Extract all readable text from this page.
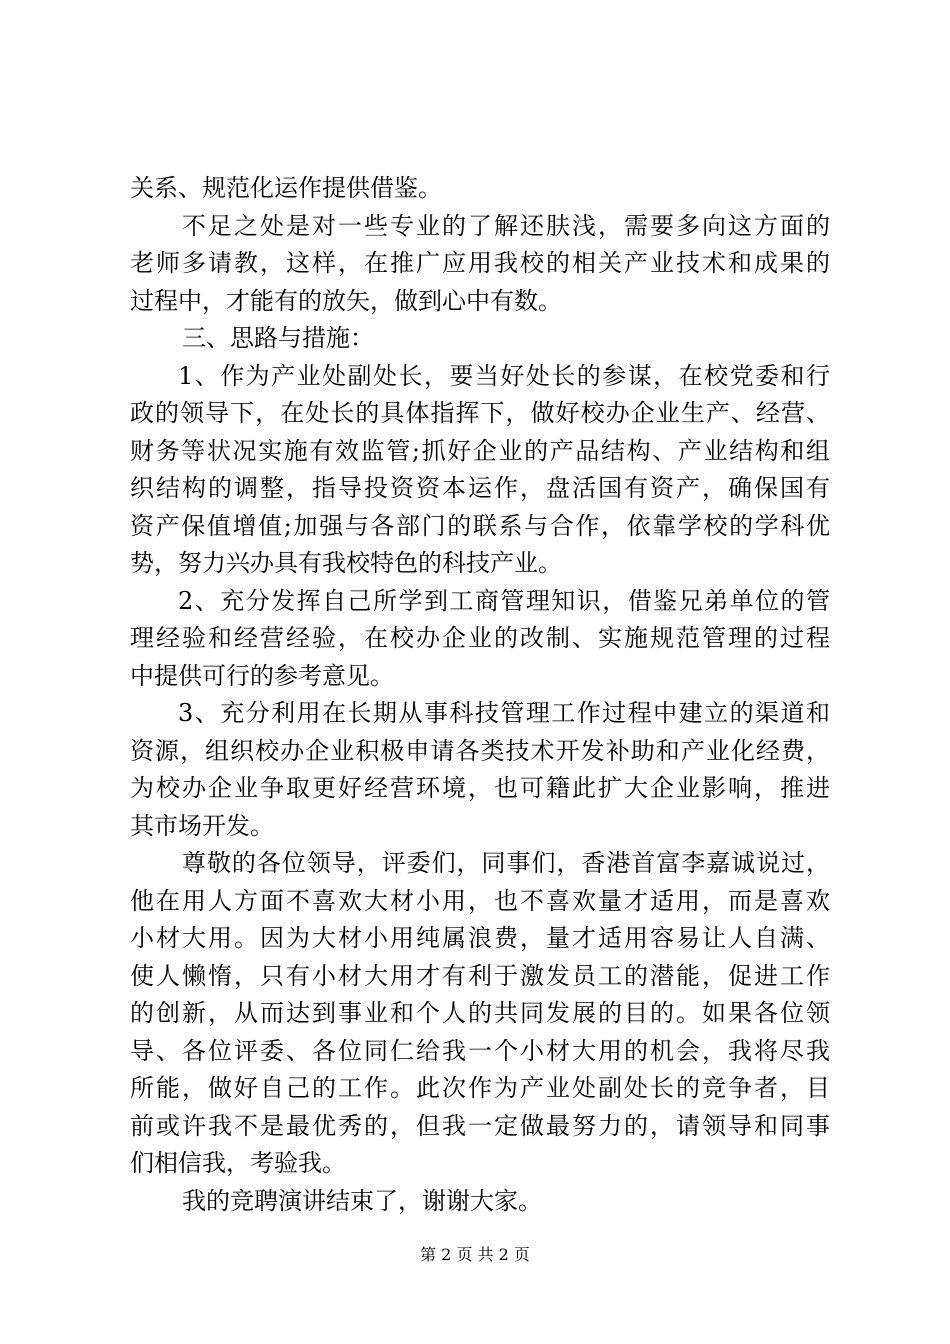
关系、规范化运作提供借鉴。
不足之处是对一些专业的了解还肤浅，需要多向这方面的
老师多请教，这样，在推广应用我校的相关产业技术和成果的
过程中，才能有的放矢，做到心中有数。
三、思路与措施：
1、作为产业处副处长，要当好处长的参谋，在校党委和行
政的领导下，在处长的具体指挥下，做好校办企业生产、经营、
财务等状况实施有效监管;抓好企业的产品结构、产业结构和组
织结构的调整，指导投资资本运作，盘活国有资产，确保国有
资产保值增值;加强与各部门的联系与合作，依靠学校的学科优
势，努力兴办具有我校特色的科技产业。
2、充分发挥自己所学到工商管理知识，借鉴兄弟单位的管
理经验和经营经验，在校办企业的改制、实施规范管理的过程
中提供可行的参考意见。
3、充分利用在长期从事科技管理工作过程中建立的渠道和
资源，组织校办企业积极申请各类技术开发补助和产业化经费，
为校办企业争取更好经营环境，也可籍此扩大企业影响，推进
其市场开发。
尊敬的各位领导，评委们，同事们，香港首富李嘉诚说过，
他在用人方面不喜欢大材小用，也不喜欢量才适用，而是喜欢
小材大用。因为大材小用纯属浪费，量才适用容易让人自满、
使人懒惰，只有小材大用才有利于激发员工的潜能，促进工作
的创新，从而达到事业和个人的共同发展的目的。如果各位领
导、各位评委、各位同仁给我一个小材大用的机会，我将尽我
所能，做好自己的工作。此次作为产业处副处长的竞争者，目
前或许我不是最优秀的，但我一定做最努力的，请领导和同事
们相信我，考验我。
我的竞聘演讲结束了，谢谢大家。
第 2 页 共 2 页
